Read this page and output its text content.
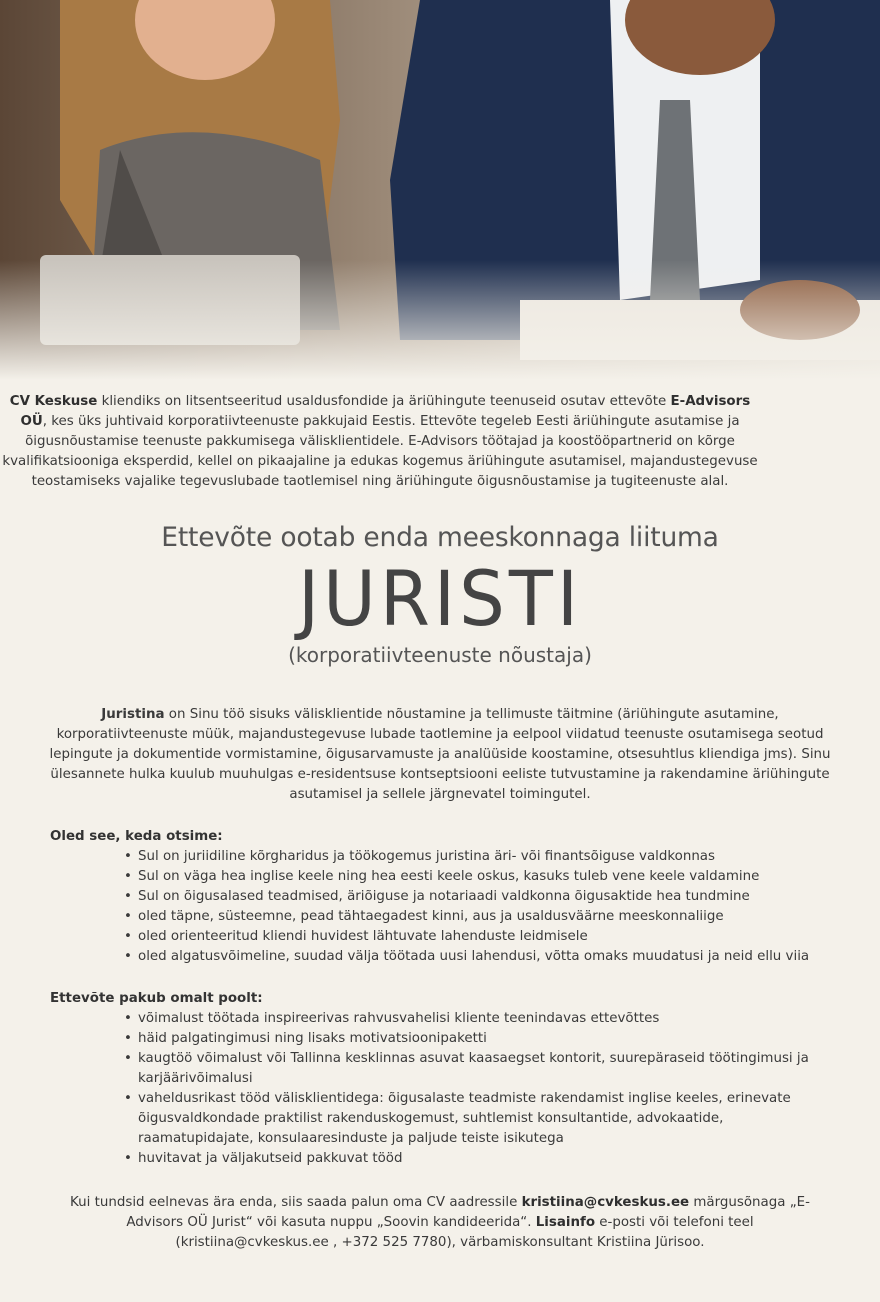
CV Keskuse kliendiks on litsentseeritud usaldusfondide ja äriühingute teenuseid osutav ettevõte E-Advisors OÜ, kes üks juhtivaid korporatiivteenuste pakkujaid Eestis. Ettevõte tegeleb Eesti äriühingute asutamise ja õigusnõustamise teenuste pakkumisega välisklientidele. E-Advisors töötajad ja koostööpartnerid on kõrge kvalifikatsiooniga eksperdid, kellel on pikaajaline ja edukas kogemus äriühingute asutamisel, majandustegevuse teostamiseks vajalike tegevuslubade taotlemisel ning äriühingute õigusnõustamise ja tugiteenuste alal.

Ettevõte ootab enda meeskonnaga liituma
JURISTI
(korporatiivteenuste nõustaja)

Juristina on Sinu töö sisuks välisklientide nõustamine ja tellimuste täitmine (äriühingute asutamine, korporatiivteenuste müük, majandustegevuse lubade taotlemine ja eelpool viidatud teenuste osutamisega seotud lepingute ja dokumentide vormistamine, õigusarvamuste ja analüüside koostamine, otsesuhtlus kliendiga jms). Sinu ülesannete hulka kuulub muuhulgas e-residentsuse kontseptsiooni eeliste tutvustamine ja rakendamine äriühingute asutamisel ja sellele järgnevatel toimingutel.

Oled see, keda otsime:
• Sul on juriidiline kõrgharidus ja töökogemus juristina äri- või finantsõiguse valdkonnas
• Sul on väga hea inglise keele ning hea eesti keele oskus, kasuks tuleb vene keele valdamine
• Sul on õigusalased teadmised, äriõiguse ja notariaadi valdkonna õigusaktide hea tundmine
• oled täpne, süsteemne, pead tähtaegadest kinni, aus ja usaldusväärne meeskonnaliige
• oled orienteeritud kliendi huvidest lähtuvate lahenduste leidmisele
• oled algatusvõimeline, suudad välja töötada uusi lahendusi, võtta omaks muudatusi ja neid ellu viia
Ettevõte pakub omalt poolt:
• võimalust töötada inspireerivas rahvusvahelisi kliente teenindavas ettevõttes
• häid palgatingimusi ning lisaks motivatsioonipaketti
• kaugtöö võimalust või Tallinna kesklinnas asuvat kaasaegset kontorit, suurepäraseid töötingimusi ja karjäärivõimalusi
• vaheldusrikast tööd välisklientidega: õigusalaste teadmiste rakendamist inglise keeles, erinevate õigusvaldkondade praktilist rakenduskogemust, suhtlemist konsultantide, advokaatide, raamatupidajate, konsulaaresinduste ja paljude teiste isikutega
• huvitavat ja väljakutseid pakkuvat tööd

Kui tundsid eelnevas ära enda, siis saada palun oma CV aadressile kristiina@cvkeskus.ee märgusõnaga „E-Advisors OÜ Jurist“ või kasuta nuppu „Soovin kandideerida“. Lisainfo e-posti või telefoni teel (kristiina@cvkeskus.ee , +372 525 7780), värbamiskonsultant Kristiina Jürisoo.
